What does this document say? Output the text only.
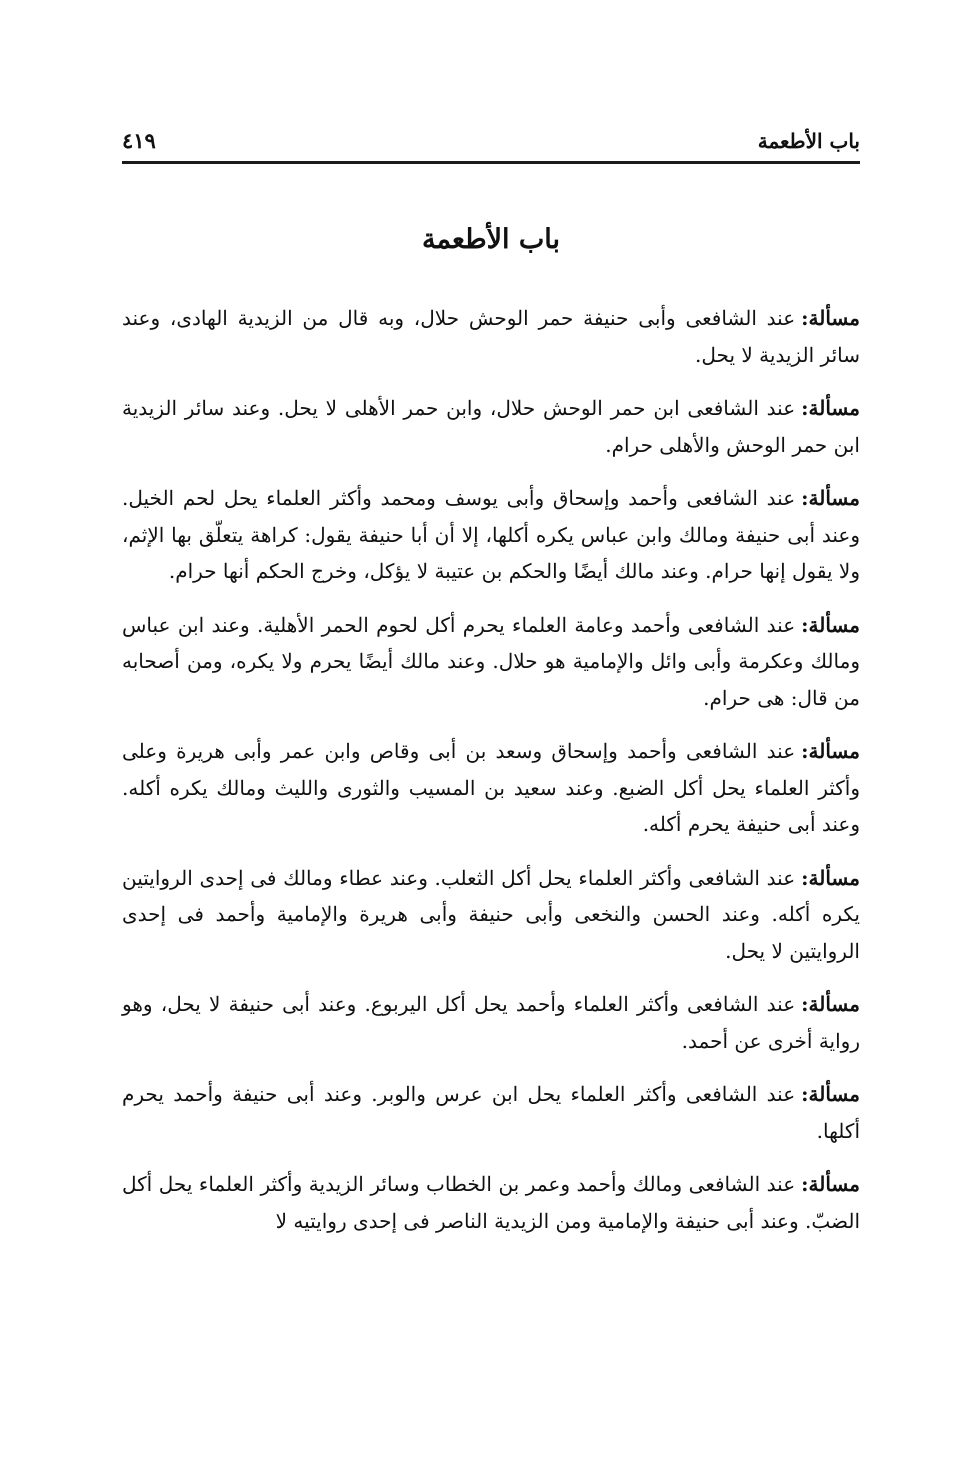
باب الأطعمة
٤١٩
باب الأطعمة

مسألة:عند الشافعى وأبى حنيفة حمر الوحش حلال، وبه قال من الزيدية الهادى، وعند سائر الزيدية لا يحل.

مسألة:عند الشافعى ابن حمر الوحش حلال، وابن حمر الأهلى لا يحل. وعند سائر الزيدية ابن حمر الوحش والأهلى حرام.

مسألة:عند الشافعى وأحمد وإسحاق وأبى يوسف ومحمد وأكثر العلماء يحل لحم الخيل. وعند أبى حنيفة ومالك وابن عباس يكره أكلها، إلا أن أبا حنيفة يقول: كراهة يتعلّق بها الإثم، ولا يقول إنها حرام. وعند مالك أيضًا والحكم بن عتيبة لا يؤكل، وخرج الحكم أنها حرام.

مسألة:عند الشافعى وأحمد وعامة العلماء يحرم أكل لحوم الحمر الأهلية. وعند ابن عباس ومالك وعكرمة وأبى وائل والإمامية هو حلال. وعند مالك أيضًا يحرم ولا يكره، ومن أصحابه من قال: هى حرام.

مسألة:عند الشافعى وأحمد وإسحاق وسعد بن أبى وقاص وابن عمر وأبى هريرة وعلى وأكثر العلماء يحل أكل الضبع. وعند سعيد بن المسيب والثورى والليث ومالك يكره أكله. وعند أبى حنيفة يحرم أكله.

مسألة:عند الشافعى وأكثر العلماء يحل أكل الثعلب. وعند عطاء ومالك فى إحدى الروايتين يكره أكله. وعند الحسن والنخعى وأبى حنيفة وأبى هريرة والإمامية وأحمد فى إحدى الروايتين لا يحل.

مسألة:عند الشافعى وأكثر العلماء وأحمد يحل أكل اليربوع. وعند أبى حنيفة لا يحل، وهو رواية أخرى عن أحمد.

مسألة:عند الشافعى وأكثر العلماء يحل ابن عرس والوبر. وعند أبى حنيفة وأحمد يحرم أكلها.

مسألة:عند الشافعى ومالك وأحمد وعمر بن الخطاب وسائر الزيدية وأكثر العلماء يحل أكل الضبّ. وعند أبى حنيفة والإمامية ومن الزيدية الناصر فى إحدى روايتيه لا
